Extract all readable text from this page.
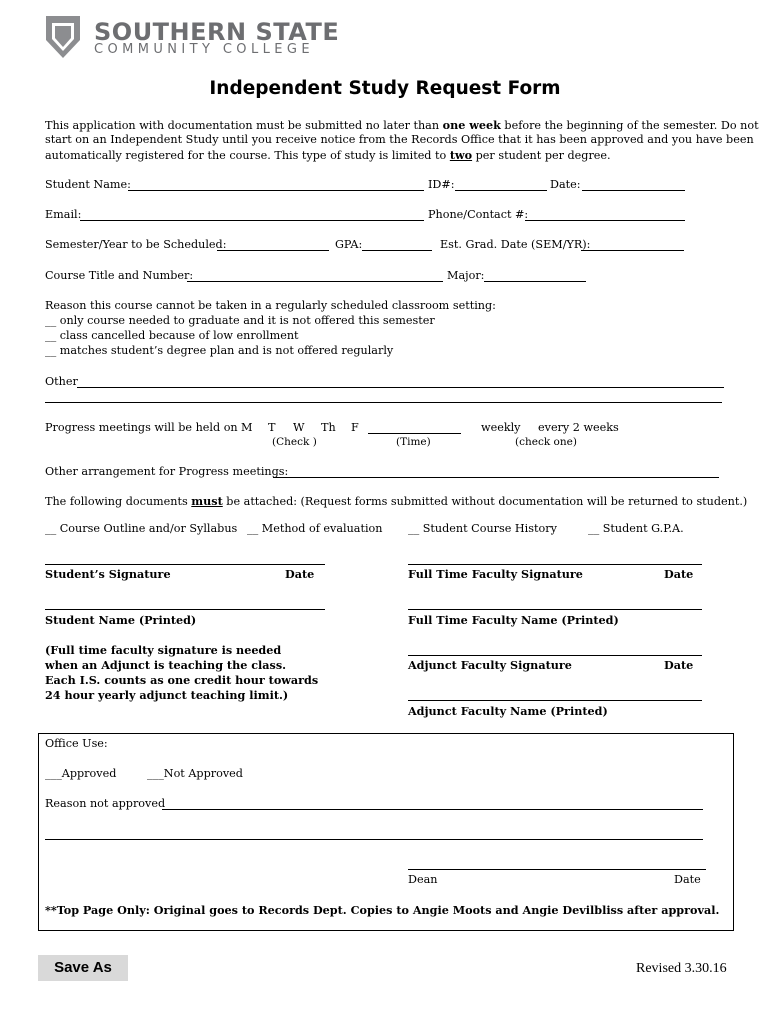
SOUTHERN STATE
COMMUNITY COLLEGE
Independent Study Request Form
This application with documentation must be submitted no later than one week before the beginning of the semester. Do not
start on an Independent Study until you receive notice from the Records Office that it has been approved and you have been
automatically registered for the course. This type of study is limited to two per student per degree.
Student Name:	ID#:	Date:
Email:	Phone/Contact #:
Semester/Year to be Scheduled:	GPA:	Est. Grad. Date (SEM/YR):
Course Title and Number:	Major:
Reason this course cannot be taken in a regularly scheduled classroom setting:
__ only course needed to graduate and it is not offered this semester
__ class cancelled because of low enrollment
__ matches student’s degree plan and is not offered regularly
Other
Progress meetings will be held on M T W Th F	weekly every 2 weeks
(Check )	(Time)	(check one)
Other arrangement for Progress meetings:
The following documents must be attached: (Request forms submitted without documentation will be returned to student.)
__ Course Outline and/or Syllabus __ Method of evaluation __ Student Course History	__ Student G.P.A.
Student’s Signature	Date	Full Time Faculty Signature	Date
Student Name (Printed)	Full Time Faculty Name (Printed)
(Full time faculty signature is needed
when an Adjunct is teaching the class.
Each I.S. counts as one credit hour towards
24 hour yearly adjunct teaching limit.)
Adjunct Faculty Signature	Date
Adjunct Faculty Name (Printed)
Office Use:
___Approved	___Not Approved
Reason not approved
Dean	Date
**Top Page Only: Original goes to Records Dept. Copies to Angie Moots and Angie Devilbliss after approval.
Save As	Revised 3.30.16
